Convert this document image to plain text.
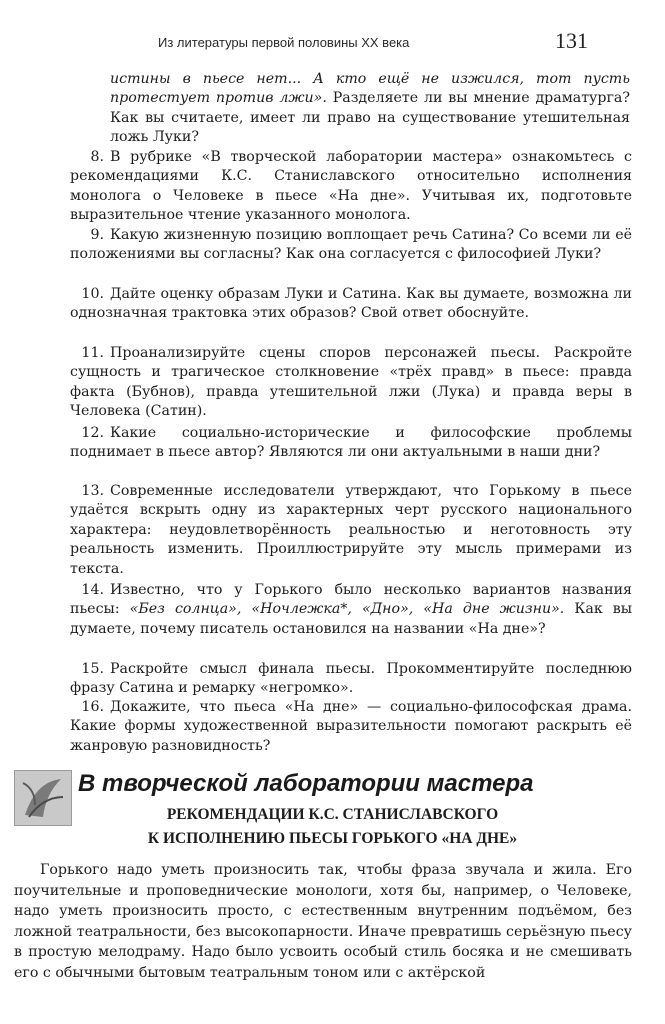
Из литературы первой половины XX века	131
истины в пьесе нет... А кто ещё не изжился, тот пусть протестует против лжи». Разделяете ли вы мнение драматурга? Как вы считаете, имеет ли право на существование утешительная ложь Луки?
8. В рубрике «В творческой лаборатории мастера» ознакомьтесь с рекомендациями К.С. Станиславского относительно исполнения монолога о Человеке в пьесе «На дне». Учитывая их, подготовьте выразительное чтение указанного монолога.
9. Какую жизненную позицию воплощает речь Сатина? Со всеми ли её положениями вы согласны? Как она согласуется с философией Луки?
10. Дайте оценку образам Луки и Сатина. Как вы думаете, возможна ли однозначная трактовка этих образов? Свой ответ обоснуйте.
11. Проанализируйте сцены споров персонажей пьесы. Раскройте сущность и трагическое столкновение «трёх правд» в пьесе: правда факта (Бубнов), правда утешительной лжи (Лука) и правда веры в Человека (Сатин).
12. Какие социально-исторические и философские проблемы поднимает в пьесе автор? Являются ли они актуальными в наши дни?
13. Современные исследователи утверждают, что Горькому в пьесе удаётся вскрыть одну из характерных черт русского национального характера: неудовлетворённость реальностью и неготовность эту реальность изменить. Проиллюстрируйте эту мысль примерами из текста.
14. Известно, что у Горького было несколько вариантов названия пьесы: «Без солнца», «Ночлежка*, «Дно», «На дне жизни». Как вы думаете, почему писатель остановился на названии «На дне»?
15. Раскройте смысл финала пьесы. Прокомментируйте последнюю фразу Сатина и ремарку «негромко».
16. Докажите, что пьеса «На дне» — социально-философская драма. Какие формы художественной выразительности помогают раскрыть её жанровую разновидность?
В творческой лаборатории мастера
РЕКОМЕНДАЦИИ К.С. СТАНИСЛАВСКОГО
К ИСПОЛНЕНИЮ ПЬЕСЫ ГОРЬКОГО «НА ДНЕ»
Горького надо уметь произносить так, чтобы фраза звучала и жила. Его поучительные и проповеднические монологи, хотя бы, например, о Человеке, надо уметь произносить просто, с естественным внутренним подъёмом, без ложной театральности, без высокопарности. Иначе превратишь серьёзную пьесу в простую мелодраму. Надо было усвоить особый стиль босяка и не смешивать его с обычными бытовым театральным тоном или с актёрской
